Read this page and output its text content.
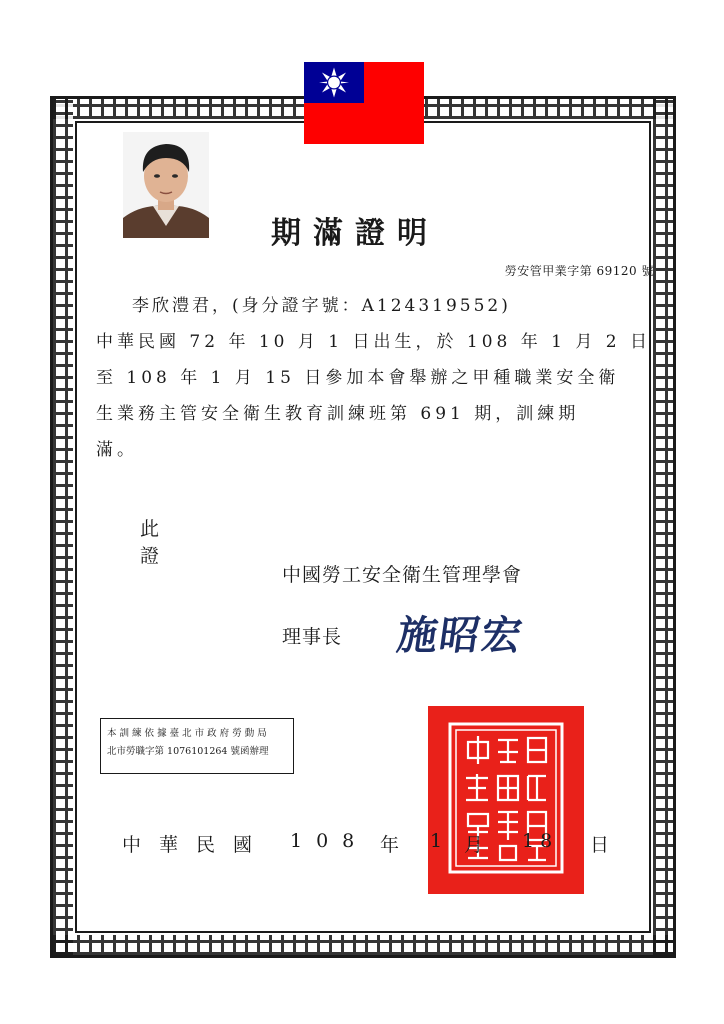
期滿證明
勞安管甲業字第 69120 號
李欣澧君，(身分證字號：A124319552)
中華民國 72 年 10 月 1 日出生，於 108 年 1 月 2 日
至 108 年 1 月 15 日參加本會舉辦之甲種職業安全衛
生業務主管安全衛生教育訓練班第 691 期，訓練期
滿。
此證
中國勞工安全衛生管理學會
理事長	施昭宏
本 訓 練 依 據 臺 北 市 政 府 勞 動 局
北市勞職字第 1076101264 號函辦理
中華民國 108 年 1 月 18 日
